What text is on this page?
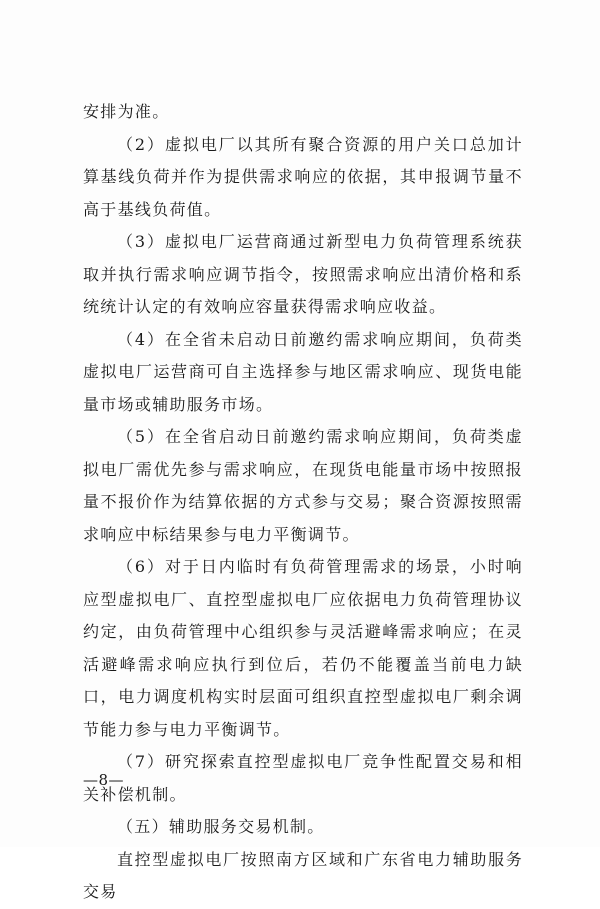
安排为准。

（2）虚拟电厂以其所有聚合资源的用户关口总加计算基线负荷并作为提供需求响应的依据，其申报调节量不高于基线负荷值。

（3）虚拟电厂运营商通过新型电力负荷管理系统获取并执行需求响应调节指令，按照需求响应出清价格和系统统计认定的有效响应容量获得需求响应收益。

（4）在全省未启动日前邀约需求响应期间，负荷类虚拟电厂运营商可自主选择参与地区需求响应、现货电能量市场或辅助服务市场。

（5）在全省启动日前邀约需求响应期间，负荷类虚拟电厂需优先参与需求响应，在现货电能量市场中按照报量不报价作为结算依据的方式参与交易；聚合资源按照需求响应中标结果参与电力平衡调节。

（6）对于日内临时有负荷管理需求的场景，小时响应型虚拟电厂、直控型虚拟电厂应依据电力负荷管理协议约定，由负荷管理中心组织参与灵活避峰需求响应；在灵活避峰需求响应执行到位后，若仍不能覆盖当前电力缺口，电力调度机构实时层面可组织直控型虚拟电厂剩余调节能力参与电力平衡调节。

（7）研究探索直控型虚拟电厂竞争性配置交易和相关补偿机制。

（五）辅助服务交易机制。

直控型虚拟电厂按照南方区域和广东省电力辅助服务交易

—8—
